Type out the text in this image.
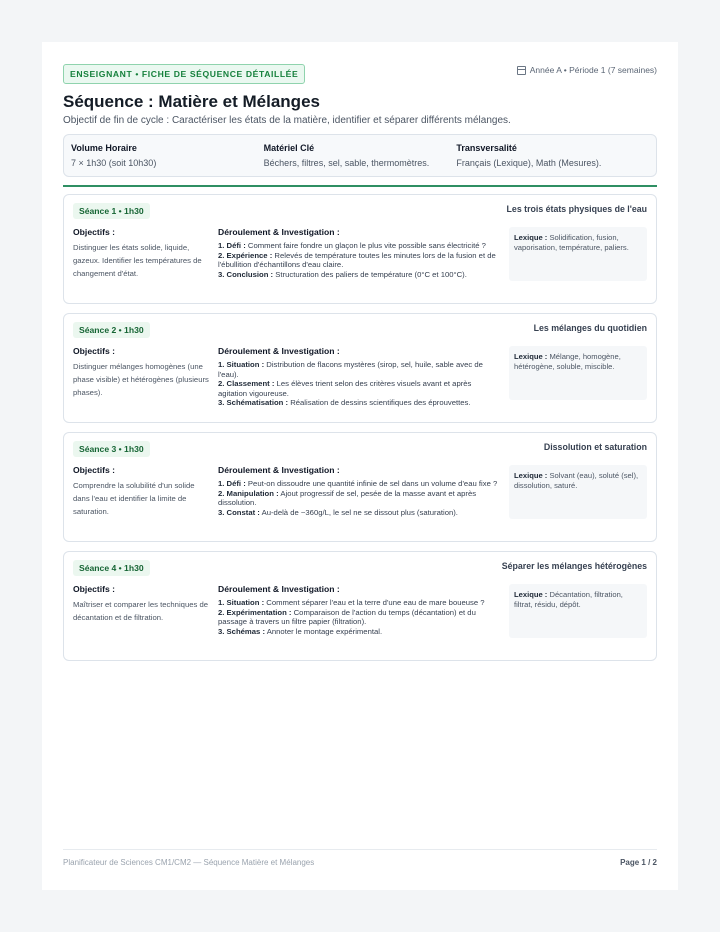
ENSEIGNANT • FICHE DE SÉQUENCE DÉTAILLÉE	Année A • Période 1 (7 semaines)
Séquence : Matière et Mélanges
Objectif de fin de cycle : Caractériser les états de la matière, identifier et séparer différents mélanges.
Volume Horaire
7 × 1h30 (soit 10h30)
Matériel Clé
Béchers, filtres, sel, sable, thermomètres.
Transversalité
Français (Lexique), Math (Mesures).
Séance 1 • 1h30	Les trois états physiques de l'eau
Objectifs :
Distinguer les états solide, liquide, gazeux. Identifier les températures de changement d'état.
Déroulement & Investigation :
1. Défi : Comment faire fondre un glaçon le plus vite possible sans électricité ?
2. Expérience : Relevés de température toutes les minutes lors de la fusion et de l'ébullition d'échantillons d'eau claire.
3. Conclusion : Structuration des paliers de température (0°C et 100°C).
Lexique : Solidification, fusion, vaporisation, température, paliers.
Séance 2 • 1h30	Les mélanges du quotidien
Objectifs :
Distinguer mélanges homogènes (une phase visible) et hétérogènes (plusieurs phases).
Déroulement & Investigation :
1. Situation : Distribution de flacons mystères (sirop, sel, huile, sable avec de l'eau).
2. Classement : Les élèves trient selon des critères visuels avant et après agitation vigoureuse.
3. Schématisation : Réalisation de dessins scientifiques des éprouvettes.
Lexique : Mélange, homogène, hétérogène, soluble, miscible.
Séance 3 • 1h30	Dissolution et saturation
Objectifs :
Comprendre la solubilité d'un solide dans l'eau et identifier la limite de saturation.
Déroulement & Investigation :
1. Défi : Peut-on dissoudre une quantité infinie de sel dans un volume d'eau fixe ?
2. Manipulation : Ajout progressif de sel, pesée de la masse avant et après dissolution.
3. Constat : Au-delà de ~360g/L, le sel ne se dissout plus (saturation).
Lexique : Solvant (eau), soluté (sel), dissolution, saturé.
Séance 4 • 1h30	Séparer les mélanges hétérogènes
Objectifs :
Maîtriser et comparer les techniques de décantation et de filtration.
Déroulement & Investigation :
1. Situation : Comment séparer l'eau et la terre d'une eau de mare boueuse ?
2. Expérimentation : Comparaison de l'action du temps (décantation) et du passage à travers un filtre papier (filtration).
3. Schémas : Annoter le montage expérimental.
Lexique : Décantation, filtration, filtrat, résidu, dépôt.
Planificateur de Sciences CM1/CM2 — Séquence Matière et Mélanges	Page 1 / 2
